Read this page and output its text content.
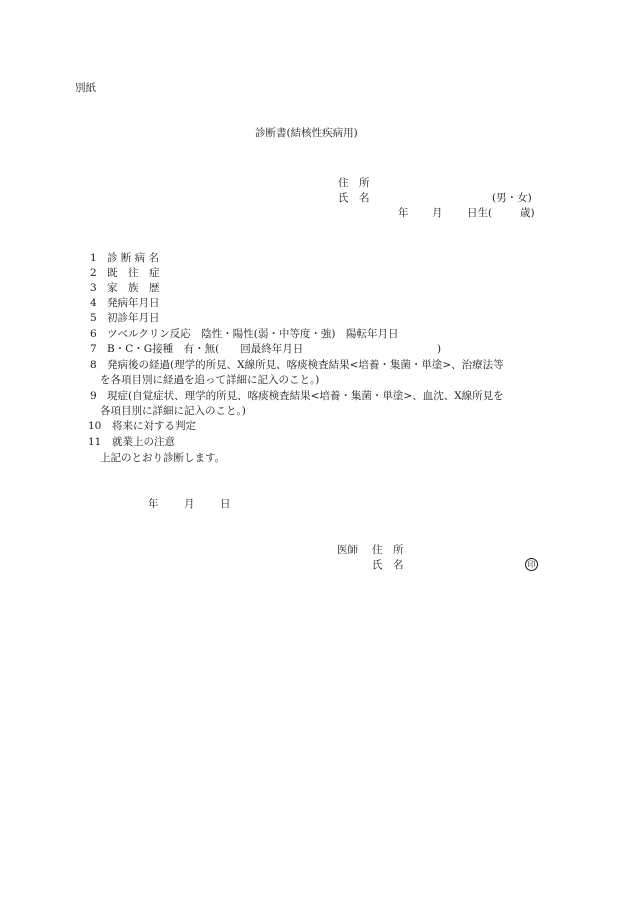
別紙
診断書(結核性疾病用)
住　所
氏　名	(男・女)
年 月 日生(	歳)
1 診 断 病 名
2 既　往　症
3 家　族　歴
4 発病年月日
5 初診年月日
6 ツベルクリン反応　陰性・陽性(弱・中等度・強)　陽転年月日
7 B・C・G接種　有・無(　　回最終年月日	)
8 発病後の経過(理学的所見、X線所見、喀痰検査結果<培養・集菌・単塗>、治療法等
を各項目別に経過を追って詳細に記入のこと。)
9 現症(自覚症状、理学的所見、喀痰検査結果<培養・集菌・単塗>、血沈、X線所見を
各項目別に詳細に記入のこと。)
10 将来に対する判定
11 就業上の注意
上記のとおり診断します。
年 月 日
医師 住　所
氏　名	印
